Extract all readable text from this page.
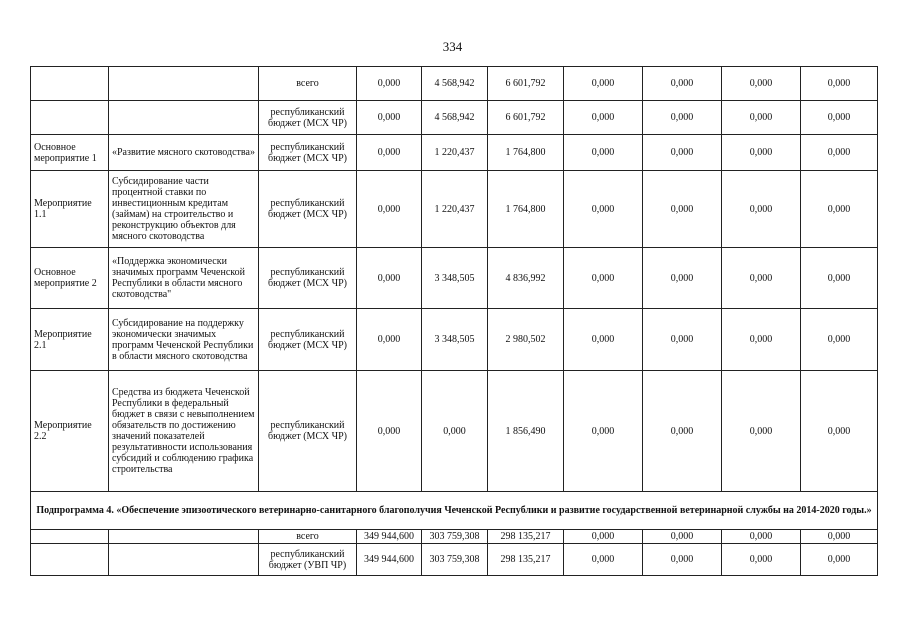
334
		всего	0,000	4 568,942	6 601,792	0,000	0,000	0,000	0,000
		республиканский бюджет (МСХ ЧР)	0,000	4 568,942	6 601,792	0,000	0,000	0,000	0,000
Основное мероприятие 1	«Развитие мясного скотоводства»	республиканский бюджет (МСХ ЧР)	0,000	1 220,437	1 764,800	0,000	0,000	0,000	0,000
Мероприятие 1.1	Субсидирование части процентной ставки по инвестиционным кредитам (займам) на строительство и реконструкцию объектов для мясного скотоводства	республиканский бюджет (МСХ ЧР)	0,000	1 220,437	1 764,800	0,000	0,000	0,000	0,000
Основное мероприятие 2	«Поддержка экономически значимых программ Чеченской Республики в области мясного скотоводства"	республиканский бюджет (МСХ ЧР)	0,000	3 348,505	4 836,992	0,000	0,000	0,000	0,000
Мероприятие 2.1	Субсидирование на поддержку экономически значимых программ Чеченской Республики в области мясного скотоводства	республиканский бюджет (МСХ ЧР)	0,000	3 348,505	2 980,502	0,000	0,000	0,000	0,000
Мероприятие 2.2	Средства из бюджета Чеченской Республики в федеральный бюджет в связи с невыполнением обязательств по достижению значений показателей результативности использования субсидий и соблюдению графика строительства	республиканский бюджет (МСХ ЧР)	0,000	0,000	1 856,490	0,000	0,000	0,000	0,000
Подпрограмма 4. «Обеспечение эпизоотического ветеринарно-санитарного благополучия Чеченской Республики и развитие государственной ветеринарной службы на 2014-2020 годы.»									
		всего	349 944,600	303 759,308	298 135,217	0,000	0,000	0,000	0,000
		республиканский бюджет (УВП ЧР)	349 944,600	303 759,308	298 135,217	0,000	0,000	0,000	0,000
